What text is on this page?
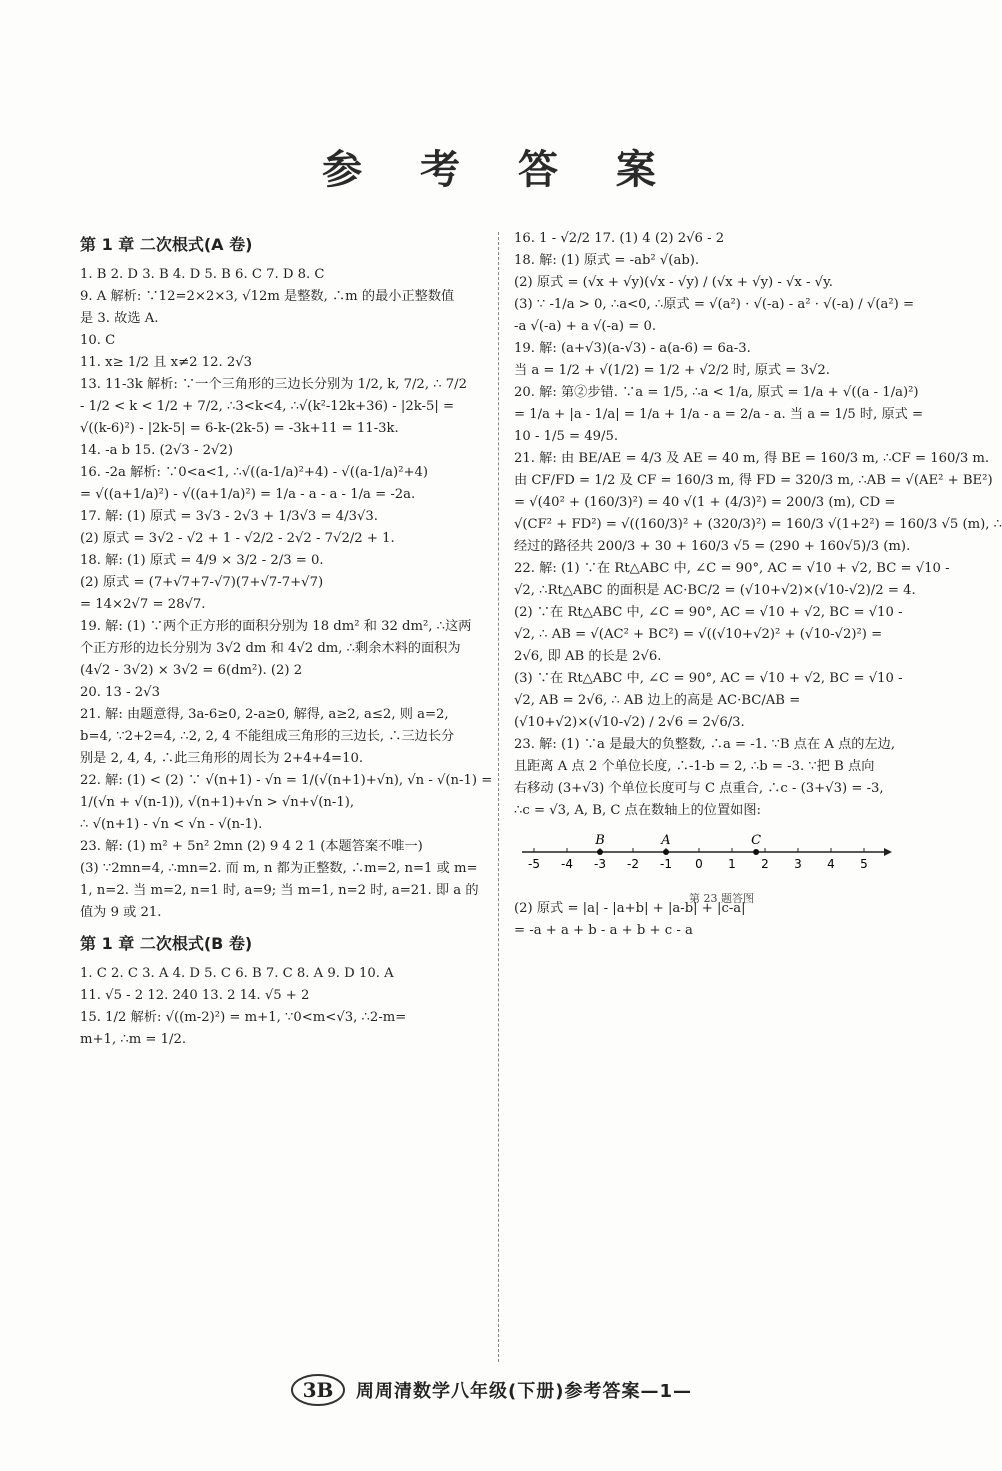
参 考 答 案
第 1 章 二次根式(A 卷)
1. B 2. D 3. B 4. D 5. B 6. C 7. D 8. C
9. A 解析: ∵12=2×2×3, √12m 是整数, ∴m 的最小正整数值
是 3. 故选 A.
10. C
11. x≥ 1/2 且 x≠2 12. 2√3
13. 11-3k 解析: ∵一个三角形的三边长分别为 1/2, k, 7/2, ∴ 7/2
- 1/2 < k < 1/2 + 7/2, ∴3<k<4, ∴√(k²-12k+36) - |2k-5| =
√((k-6)²) - |2k-5| = 6-k-(2k-5) = -3k+11 = 11-3k.
14. -a b 15. (2√3 - 2√2)
16. -2a 解析: ∵0<a<1, ∴√((a-1/a)²+4) - √((a-1/a)²+4)
= √((a+1/a)²) - √((a+1/a)²) = 1/a - a - a - 1/a = -2a.
17. 解: (1) 原式 = 3√3 - 2√3 + 1/3√3 = 4/3√3.
(2) 原式 = 3√2 - √2 + 1 - √2/2 - 2√2 - 7√2/2 + 1.
18. 解: (1) 原式 = 4/9 × 3/2 - 2/3 = 0.
(2) 原式 = (7+√7+7-√7)(7+√7-7+√7)
= 14×2√7 = 28√7.
19. 解: (1) ∵两个正方形的面积分别为 18 dm² 和 32 dm², ∴这两
个正方形的边长分别为 3√2 dm 和 4√2 dm, ∴剩余木料的面积为
(4√2 - 3√2) × 3√2 = 6(dm²). (2) 2
20. 13 - 2√3
21. 解: 由题意得, 3a-6≥0, 2-a≥0, 解得, a≥2, a≤2, 则 a=2,
b=4, ∵2+2=4, ∴2, 2, 4 不能组成三角形的三边长, ∴三边长分
别是 2, 4, 4, ∴此三角形的周长为 2+4+4=10.
22. 解: (1) < (2) ∵ √(n+1) - √n = 1/(√(n+1)+√n), √n - √(n-1) =
1/(√n + √(n-1)), √(n+1)+√n > √n+√(n-1),
∴ √(n+1) - √n < √n - √(n-1).
23. 解: (1) m² + 5n² 2mn (2) 9 4 2 1 (本题答案不唯一)
(3) ∵2mn=4, ∴mn=2. 而 m, n 都为正整数, ∴m=2, n=1 或 m=
1, n=2. 当 m=2, n=1 时, a=9; 当 m=1, n=2 时, a=21. 即 a 的
值为 9 或 21.
第 1 章 二次根式(B 卷)
1. C 2. C 3. A 4. D 5. C 6. B 7. C 8. A 9. D 10. A
11. √5 - 2 12. 240 13. 2 14. √5 + 2
15. 1/2 解析: √((m-2)²) = m+1, ∵0<m<√3, ∴2-m=
m+1, ∴m = 1/2.
16. 1 - √2/2 17. (1) 4 (2) 2√6 - 2
18. 解: (1) 原式 = -ab² √(ab).
(2) 原式 = (√x + √y)(√x - √y) / (√x + √y) - √x - √y.
(3) ∵ -1/a > 0, ∴a<0, ∴原式 = √(a²) · √(-a) - a² · √(-a) / √(a²) =
-a √(-a) + a √(-a) = 0.
19. 解: (a+√3)(a-√3) - a(a-6) = 6a-3.
当 a = 1/2 + √(1/2) = 1/2 + √2/2 时, 原式 = 3√2.
20. 解: 第②步错. ∵a = 1/5, ∴a < 1/a, 原式 = 1/a + √((a - 1/a)²)
= 1/a + |a - 1/a| = 1/a + 1/a - a = 2/a - a. 当 a = 1/5 时, 原式 =
10 - 1/5 = 49/5.
21. 解: 由 BE/AE = 4/3 及 AE = 40 m, 得 BE = 160/3 m, ∴CF = 160/3 m.
由 CF/FD = 1/2 及 CF = 160/3 m, 得 FD = 320/3 m, ∴AB = √(AE² + BE²)
= √(40² + (160/3)²) = 40 √(1 + (4/3)²) = 200/3 (m), CD =
√(CF² + FD²) = √((160/3)² + (320/3)²) = 160/3 √(1+2²) = 160/3 √5 (m), ∴
经过的路径共 200/3 + 30 + 160/3 √5 = (290 + 160√5)/3 (m).
22. 解: (1) ∵在 Rt△ABC 中, ∠C = 90°, AC = √10 + √2, BC = √10 -
√2, ∴Rt△ABC 的面积是 AC·BC/2 = (√10+√2)×(√10-√2)/2 = 4.
(2) ∵在 Rt△ABC 中, ∠C = 90°, AC = √10 + √2, BC = √10 -
√2, ∴ AB = √(AC² + BC²) = √((√10+√2)² + (√10-√2)²) =
2√6, 即 AB 的长是 2√6.
(3) ∵在 Rt△ABC 中, ∠C = 90°, AC = √10 + √2, BC = √10 -
√2, AB = 2√6, ∴ AB 边上的高是 AC·BC/AB =
(√10+√2)×(√10-√2) / 2√6 = 2√6/3.
23. 解: (1) ∵a 是最大的负整数, ∴a = -1. ∵B 点在 A 点的左边,
且距离 A 点 2 个单位长度, ∴-1-b = 2, ∴b = -3. ∵把 B 点向
右移动 (3+√3) 个单位长度可与 C 点重合, ∴c - (3+√3) = -3,
∴c = √3, A, B, C 点在数轴上的位置如图:
-5 -4 -3 -2 -1 0 1 2 3 4 5
B	A	C
第 23 题答图
(2) 原式 = |a| - |a+b| + |a-b| + |c-a|
= -a + a + b - a + b + c - a
3B 周周清数学八年级(下册)参考答案—1—
